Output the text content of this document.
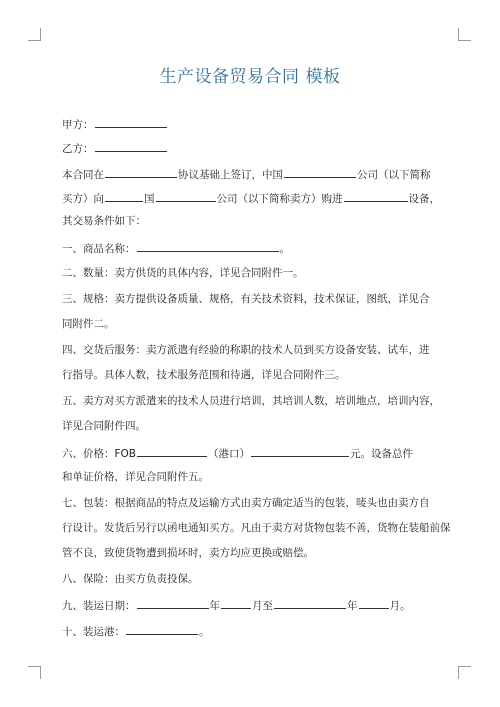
生产设备贸易合同 模板
甲方：
乙方：
本合同在	协议基础上签订，中国	公司（以下简称
买方）向	国	公司（以下简称卖方）购进	设备，
其交易条件如下：
一、商品名称：	。
二、数量：卖方供货的具体内容，详见合同附件一。
三、规格：卖方提供设备质量、规格，有关技术资料，技术保证，图纸，详见合
同附件二。
四、交货后服务：卖方派遣有经验的称职的技术人员到买方设备安装、试车，进
行指导。具体人数，技术服务范围和待遇，详见合同附件三。
五、卖方对买方派遣来的技术人员进行培训，其培训人数，培训地点，培训内容，
详见合同附件四。
六、价格：FOB	（港口）	元。设备总件
和单证价格，详见合同附件五。
七、包装：根据商品的特点及运输方式由卖方确定适当的包装，唛头也由卖方自
行设计。发货后另行以函电通知买方。凡由于卖方对货物包装不善，货物在装船前保
管不良，致使货物遭到损坏时，卖方均应更换或赔偿。
八、保险：由买方负责投保。
九、装运日期：	年	月至	年	月。
十、装运港：	。
